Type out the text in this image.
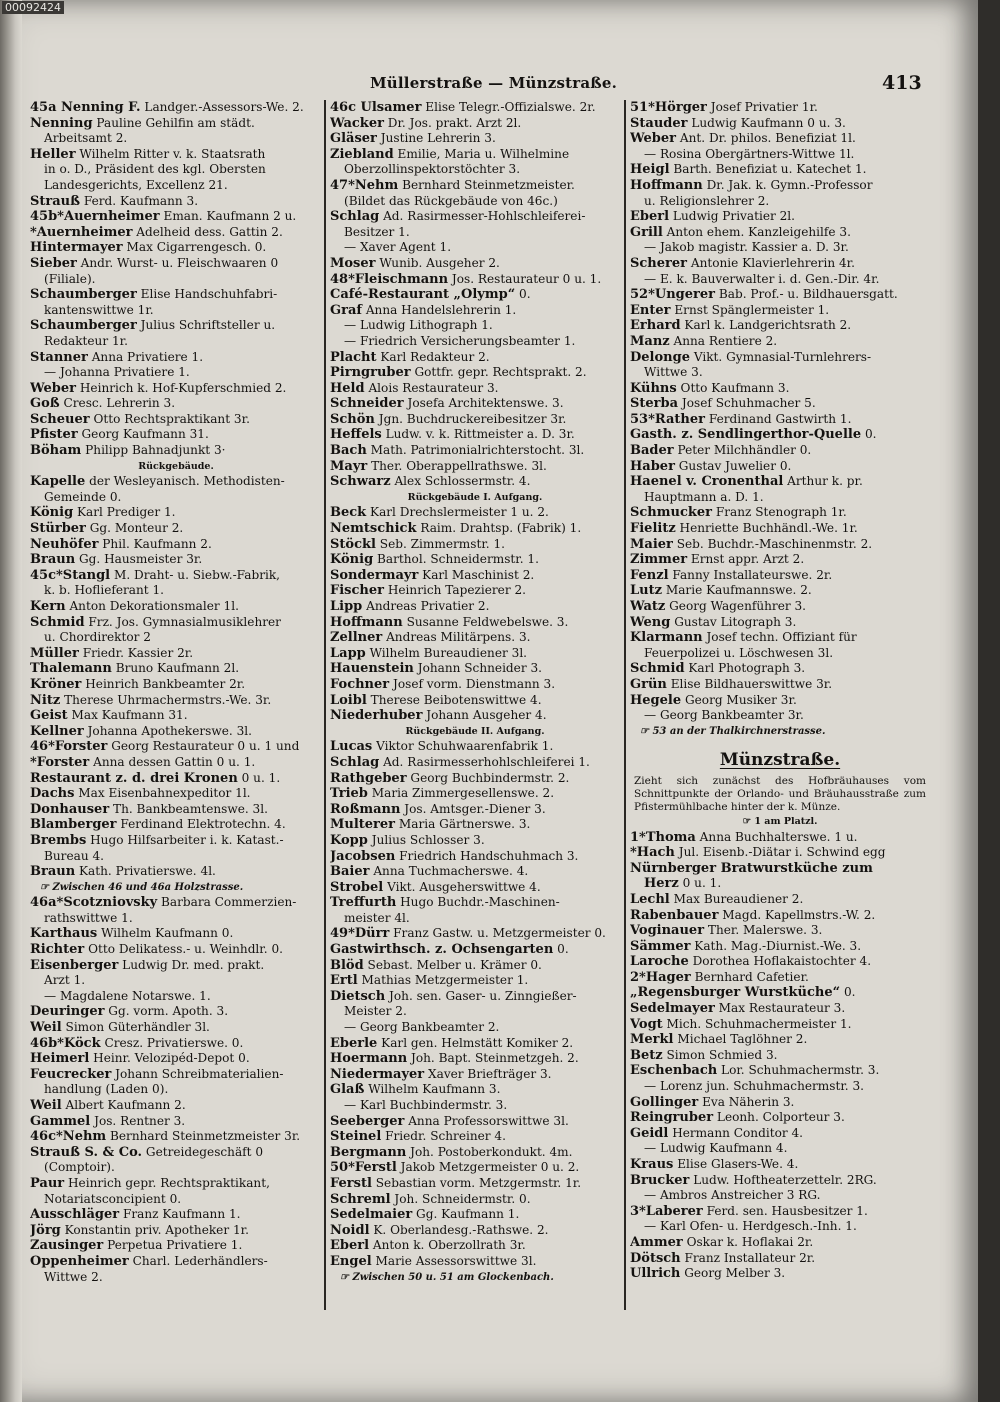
00092424
Müllerstraße — Münzstraße.	413
45a Nenning F. Landger.-Assessors-We. 2.
Nenning Pauline Gehilfin am städt.
Arbeitsamt 2.
Heller Wilhelm Ritter v. k. Staatsrath
in o. D., Präsident des kgl. Obersten
Landesgerichts, Excellenz 21.
Strauß Ferd. Kaufmann 3.
45b*Auernheimer Eman. Kaufmann 2 u.
*Auernheimer Adelheid dess. Gattin 2.
Hintermayer Max Cigarrengesch. 0.
Sieber Andr. Wurst- u. Fleischwaaren 0
(Filiale).
Schaumberger Elise Handschuhfabri-
kantenswittwe 1r.
Schaumberger Julius Schriftsteller u.
Redakteur 1r.
Stanner Anna Privatiere 1.
— Johanna Privatiere 1.
Weber Heinrich k. Hof-Kupferschmied 2.
Goß Cresc. Lehrerin 3.
Scheuer Otto Rechtspraktikant 3r.
Pfister Georg Kaufmann 31.
Böham Philipp Bahnadjunkt 3·
Rückgebäude.
Kapelle der Wesleyanisch. Methodisten-
Gemeinde 0.
König Karl Prediger 1.
Stürber Gg. Monteur 2.
Neuhöfer Phil. Kaufmann 2.
Braun Gg. Hausmeister 3r.
45c*Stangl M. Draht- u. Siebw.-Fabrik,
k. b. Hoflieferant 1.
Kern Anton Dekorationsmaler 1l.
Schmid Frz. Jos. Gymnasialmusiklehrer
u. Chordirektor 2
Müller Friedr. Kassier 2r.
Thalemann Bruno Kaufmann 2l.
Kröner Heinrich Bankbeamter 2r.
Nitz Therese Uhrmachermstrs.-We. 3r.
Geist Max Kaufmann 31.
Kellner Johanna Apothekerswe. 3l.
46*Forster Georg Restaurateur 0 u. 1 und
*Forster Anna dessen Gattin 0 u. 1.
Restaurant z. d. drei Kronen 0 u. 1.
Dachs Max Eisenbahnexpeditor 1l.
Donhauser Th. Bankbeamtenswe. 3l.
Blamberger Ferdinand Elektrotechn. 4.
Brembs Hugo Hilfsarbeiter i. k. Katast.-
Bureau 4.
Braun Kath. Privatierswe. 4l.
☞ Zwischen 46 und 46a Holzstrasse.
46a*Scotzniovsky Barbara Commerzien-
rathswittwe 1.
Karthaus Wilhelm Kaufmann 0.
Richter Otto Delikatess.- u. Weinhdlr. 0.
Eisenberger Ludwig Dr. med. prakt.
Arzt 1.
— Magdalene Notarswe. 1.
Deuringer Gg. vorm. Apoth. 3.
Weil Simon Güterhändler 3l.
46b*Köck Cresz. Privatierswe. 0.
Heimerl Heinr. Velozipéd-Depot 0.
Feucrecker Johann Schreibmaterialien-
handlung (Laden 0).
Weil Albert Kaufmann 2.
Gammel Jos. Rentner 3.
46c*Nehm Bernhard Steinmetzmeister 3r.
Strauß S. & Co. Getreidegeschäft 0
(Comptoir).
Paur Heinrich gepr. Rechtspraktikant,
Notariatsconcipient 0.
Ausschläger Franz Kaufmann 1.
Jörg Konstantin priv. Apotheker 1r.
Zausinger Perpetua Privatiere 1.
Oppenheimer Charl. Lederhändlers-
Wittwe 2.
46c Ulsamer Elise Telegr.-Offizialswe. 2r.
Wacker Dr. Jos. prakt. Arzt 2l.
Gläser Justine Lehrerin 3.
Ziebland Emilie, Maria u. Wilhelmine
Oberzollinspektorstöchter 3.
47*Nehm Bernhard Steinmetzmeister.
(Bildet das Rückgebäude von 46c.)
Schlag Ad. Rasirmesser-Hohlschleiferei-
Besitzer 1.
— Xaver Agent 1.
Moser Wunib. Ausgeher 2.
48*Fleischmann Jos. Restaurateur 0 u. 1.
Café-Restaurant „Olymp“ 0.
Graf Anna Handelslehrerin 1.
— Ludwig Lithograph 1.
— Friedrich Versicherungsbeamter 1.
Placht Karl Redakteur 2.
Pirngruber Gottfr. gepr. Rechtsprakt. 2.
Held Alois Restaurateur 3.
Schneider Josefa Architektenswe. 3.
Schön Jgn. Buchdruckereibesitzer 3r.
Heffels Ludw. v. k. Rittmeister a. D. 3r.
Bach Math. Patrimonialrichterstocht. 3l.
Mayr Ther. Oberappellrathswe. 3l.
Schwarz Alex Schlossermstr. 4.
Rückgebäude I. Aufgang.
Beck Karl Drechslermeister 1 u. 2.
Nemtschick Raim. Drahtsp. (Fabrik) 1.
Stöckl Seb. Zimmermstr. 1.
König Barthol. Schneidermstr. 1.
Sondermayr Karl Maschinist 2.
Fischer Heinrich Tapezierer 2.
Lipp Andreas Privatier 2.
Hoffmann Susanne Feldwebelswe. 3.
Zellner Andreas Militärpens. 3.
Lapp Wilhelm Bureaudiener 3l.
Hauenstein Johann Schneider 3.
Fochner Josef vorm. Dienstmann 3.
Loibl Therese Beibotenswittwe 4.
Niederhuber Johann Ausgeher 4.
Rückgebäude II. Aufgang.
Lucas Viktor Schuhwaarenfabrik 1.
Schlag Ad. Rasirmesserhohlschleiferei 1.
Rathgeber Georg Buchbindermstr. 2.
Trieb Maria Zimmergesellenswe. 2.
Roßmann Jos. Amtsger.-Diener 3.
Multerer Maria Gärtnerswe. 3.
Kopp Julius Schlosser 3.
Jacobsen Friedrich Handschuhmach 3.
Baier Anna Tuchmacherswe. 4.
Strobel Vikt. Ausgeherswittwe 4.
Treffurth Hugo Buchdr.-Maschinen-
meister 4l.
49*Dürr Franz Gastw. u. Metzgermeister 0.
Gastwirthsch. z. Ochsengarten 0.
Blöd Sebast. Melber u. Krämer 0.
Ertl Mathias Metzgermeister 1.
Dietsch Joh. sen. Gaser- u. Zinngießer-
Meister 2.
— Georg Bankbeamter 2.
Eberle Karl gen. Helmstätt Komiker 2.
Hoermann Joh. Bapt. Steinmetzgeh. 2.
Niedermayer Xaver Briefträger 3.
Glaß Wilhelm Kaufmann 3.
— Karl Buchbindermstr. 3.
Seeberger Anna Professorswittwe 3l.
Steinel Friedr. Schreiner 4.
Bergmann Joh. Postoberkondukt. 4m.
50*Ferstl Jakob Metzgermeister 0 u. 2.
Ferstl Sebastian vorm. Metzgermstr. 1r.
Schreml Joh. Schneidermstr. 0.
Sedelmaier Gg. Kaufmann 1.
Noidl K. Oberlandesg.-Rathswe. 2.
Eberl Anton k. Oberzollrath 3r.
Engel Marie Assessorswittwe 3l.
☞ Zwischen 50 u. 51 am Glockenbach.
51*Hörger Josef Privatier 1r.
Stauder Ludwig Kaufmann 0 u. 3.
Weber Ant. Dr. philos. Benefiziat 1l.
— Rosina Obergärtners-Wittwe 1l.
Heigl Barth. Benefiziat u. Katechet 1.
Hoffmann Dr. Jak. k. Gymn.-Professor
u. Religionslehrer 2.
Eberl Ludwig Privatier 2l.
Grill Anton ehem. Kanzleigehilfe 3.
— Jakob magistr. Kassier a. D. 3r.
Scherer Antonie Klavierlehrerin 4r.
— E. k. Bauverwalter i. d. Gen.-Dir. 4r.
52*Ungerer Bab. Prof.- u. Bildhauersgatt.
Enter Ernst Spänglermeister 1.
Erhard Karl k. Landgerichtsrath 2.
Manz Anna Rentiere 2.
Delonge Vikt. Gymnasial-Turnlehrers-
Wittwe 3.
Kühns Otto Kaufmann 3.
Sterba Josef Schuhmacher 5.
53*Rather Ferdinand Gastwirth 1.
Gasth. z. Sendlingerthor-Quelle 0.
Bader Peter Milchhändler 0.
Haber Gustav Juwelier 0.
Haenel v. Cronenthal Arthur k. pr.
Hauptmann a. D. 1.
Schmucker Franz Stenograph 1r.
Fielitz Henriette Buchhändl.-We. 1r.
Maier Seb. Buchdr.-Maschinenmstr. 2.
Zimmer Ernst appr. Arzt 2.
Fenzl Fanny Installateurswe. 2r.
Lutz Marie Kaufmannswe. 2.
Watz Georg Wagenführer 3.
Weng Gustav Litograph 3.
Klarmann Josef techn. Offiziant für
Feuerpolizei u. Löschwesen 3l.
Schmid Karl Photograph 3.
Grün Elise Bildhauerswittwe 3r.
Hegele Georg Musiker 3r.
— Georg Bankbeamter 3r.
☞ 53 an der Thalkirchnerstrasse.
Münzstraße.
Zieht sich zunächst des Hofbräuhauses vom Schnittpunkte der Orlando- und Bräuhausstraße zum Pfistermühlbache hinter der k. Münze.
☞ 1 am Platzl.
1*Thoma Anna Buchhalterswe. 1 u.
*Hach Jul. Eisenb.-Diätar i. Schwind egg
Nürnberger Bratwurstküche zum
Herz 0 u. 1.
Lechl Max Bureaudiener 2.
Rabenbauer Magd. Kapellmstrs.-W. 2.
Voginauer Ther. Malerswe. 3.
Sämmer Kath. Mag.-Diurnist.-We. 3.
Laroche Dorothea Hoflakaistochter 4.
2*Hager Bernhard Cafetier.
„Regensburger Wurstküche“ 0.
Sedelmayer Max Restaurateur 3.
Vogt Mich. Schuhmachermeister 1.
Merkl Michael Taglöhner 2.
Betz Simon Schmied 3.
Eschenbach Lor. Schuhmachermstr. 3.
— Lorenz jun. Schuhmachermstr. 3.
Gollinger Eva Näherin 3.
Reingruber Leonh. Colporteur 3.
Geidl Hermann Conditor 4.
— Ludwig Kaufmann 4.
Kraus Elise Glasers-We. 4.
Brucker Ludw. Hoftheaterzettelr. 2RG.
— Ambros Anstreicher 3 RG.
3*Laberer Ferd. sen. Hausbesitzer 1.
— Karl Ofen- u. Herdgesch.-Inh. 1.
Ammer Oskar k. Hoflakai 2r.
Dötsch Franz Installateur 2r.
Ullrich Georg Melber 3.
